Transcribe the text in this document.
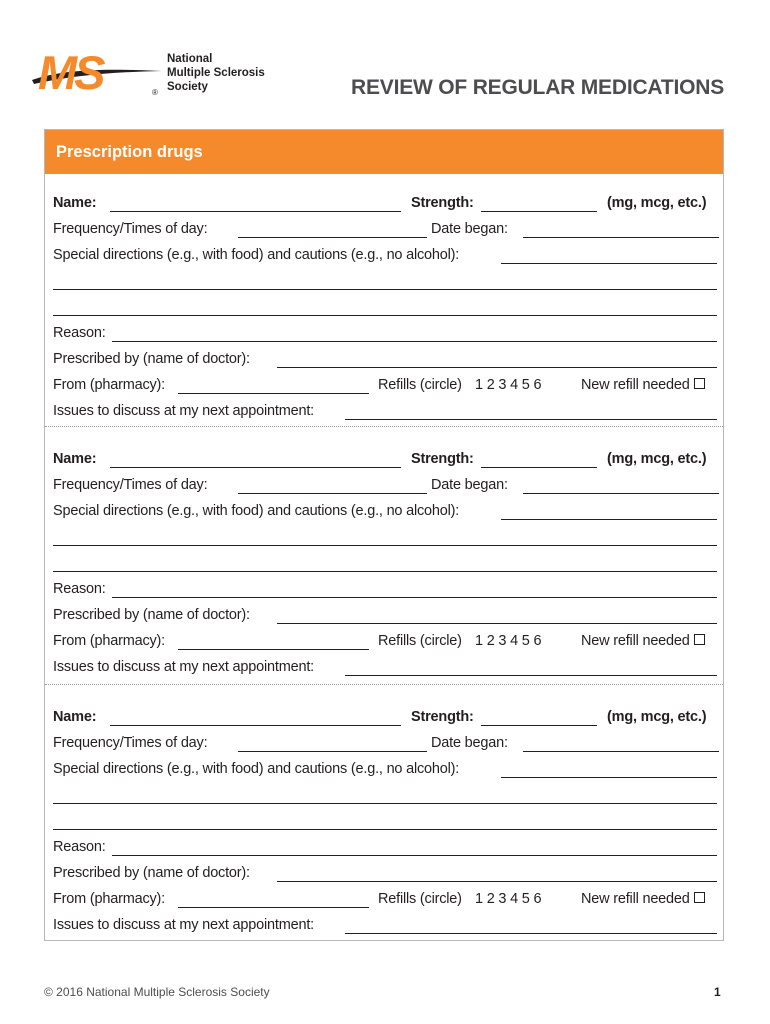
MS	®
National
Multiple Sclerosis
Society	REVIEW OF REGULAR MEDICATIONS
Prescription drugs
Name:	Strength:	(mg, mcg, etc.)
Frequency/Times of day:	Date began:
Special directions (e.g., with food) and cautions (e.g., no alcohol):
Reason:
Prescribed by (name of doctor):
From (pharmacy):	Refills (circle) 1 2 3 4 5 6	New refill needed
Issues to discuss at my next appointment:
Name:	Strength:	(mg, mcg, etc.)
Frequency/Times of day:	Date began:
Special directions (e.g., with food) and cautions (e.g., no alcohol):
Reason:
Prescribed by (name of doctor):
From (pharmacy):	Refills (circle) 1 2 3 4 5 6	New refill needed
Issues to discuss at my next appointment:
Name:	Strength:	(mg, mcg, etc.)
Frequency/Times of day:	Date began:
Special directions (e.g., with food) and cautions (e.g., no alcohol):
Reason:
Prescribed by (name of doctor):
From (pharmacy):	Refills (circle) 1 2 3 4 5 6	New refill needed
Issues to discuss at my next appointment:
© 2016 National Multiple Sclerosis Society	1
